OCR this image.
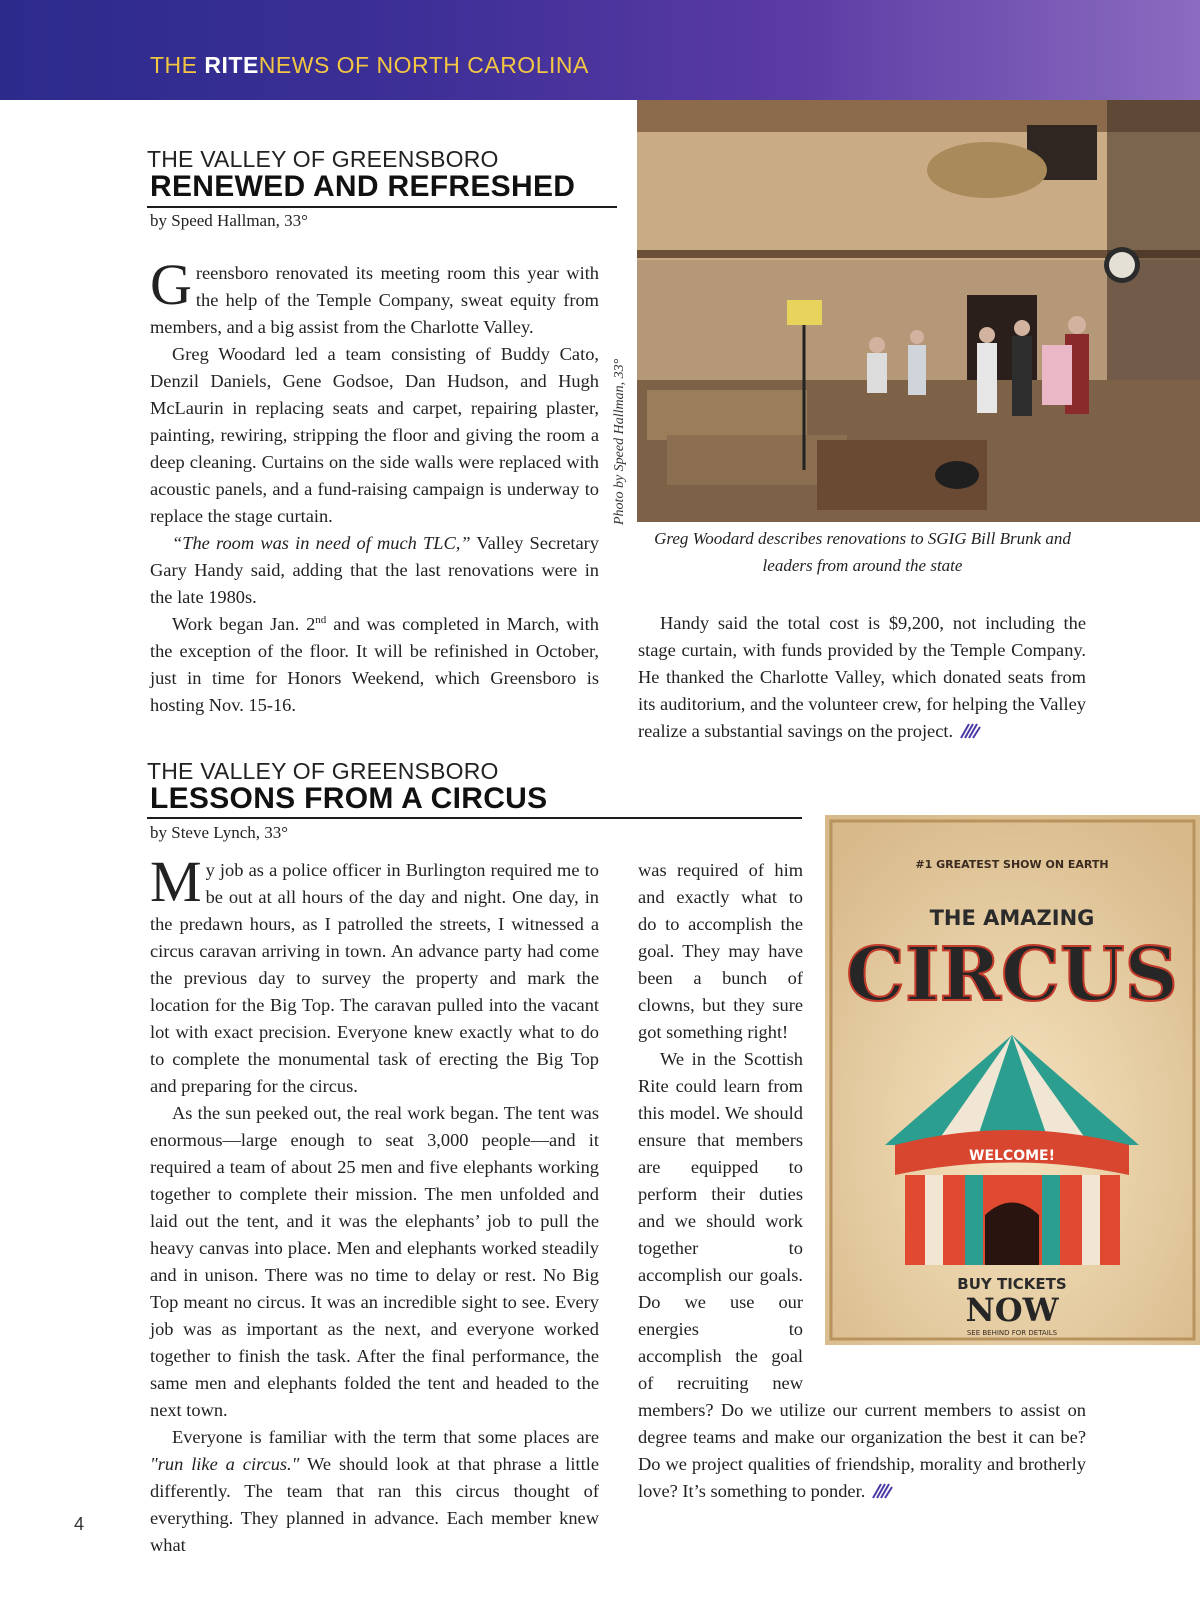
THE RITENEWS OF NORTH CAROLINA
THE VALLEY OF GREENSBORO
RENEWED AND REFRESHED
by Speed Hallman, 33°

Greensboro renovated its meeting room this year with the help of the Temple Company, sweat equity from members, and a big assist from the Charlotte Valley.

Greg Woodard led a team consisting of Buddy Cato, Denzil Daniels, Gene Godsoe, Dan Hudson, and Hugh McLaurin in replacing seats and carpet, repairing plaster, painting, rewiring, stripping the floor and giving the room a deep cleaning. Curtains on the side walls were replaced with acoustic panels, and a fund-raising campaign is underway to replace the stage curtain.

“The room was in need of much TLC,” Valley Secretary Gary Handy said, adding that the last renovations were in the late 1980s.

Work began Jan. 2nd and was completed in March, with the exception of the floor. It will be refinished in October, just in time for Honors Weekend, which Greensboro is hosting Nov. 15-16.

Photo by Speed Hallman, 33°
Greg Woodard describes renovations to SGIG Bill Brunk and leaders from around the state

Handy said the total cost is $9,200, not including the stage curtain, with funds provided by the Temple Company. He thanked the Charlotte Valley, which donated seats from its auditorium, and the volunteer crew, for helping the Valley realize a substantial savings on the project.

THE VALLEY OF GREENSBORO
LESSONS FROM A CIRCUS
by Steve Lynch, 33°

My job as a police officer in Burlington required me to be out at all hours of the day and night. One day, in the predawn hours, as I patrolled the streets, I witnessed a circus caravan arriving in town. An advance party had come the previous day to survey the property and mark the location for the Big Top. The caravan pulled into the vacant lot with exact precision. Everyone knew exactly what to do to complete the monumental task of erecting the Big Top and preparing for the circus.

As the sun peeked out, the real work began. The tent was enormous—large enough to seat 3,000 people—and it required a team of about 25 men and five elephants working together to complete their mission. The men unfolded and laid out the tent, and it was the elephants’ job to pull the heavy canvas into place. Men and elephants worked steadily and in unison. There was no time to delay or rest. No Big Top meant no circus. It was an incredible sight to see. Every job was as important as the next, and everyone worked together to finish the task. After the final performance, the same men and elephants folded the tent and headed to the next town.

Everyone is familiar with the term that some places are "run like a circus." We should look at that phrase a little differently. The team that ran this circus thought of everything. They planned in advance. Each member knew what

#1 GREATEST SHOW ON EARTH
THE AMAZING
CIRCUS
WELCOME!
BUY TICKETS
NOW
SEE BEHIND FOR DETAILS

was required of him and exactly what to do to accomplish the goal. They may have been a bunch of clowns, but they sure got something right!

We in the Scottish Rite could learn from this model. We should ensure that members are equipped to perform their duties and we should work together to accomplish our goals. Do we use our energies to accomplish the goal of recruiting new members? Do we utilize our current members to assist on degree teams and make our organization the best it can be? Do we project qualities of friendship, morality and brotherly love? It’s something to ponder.

4
